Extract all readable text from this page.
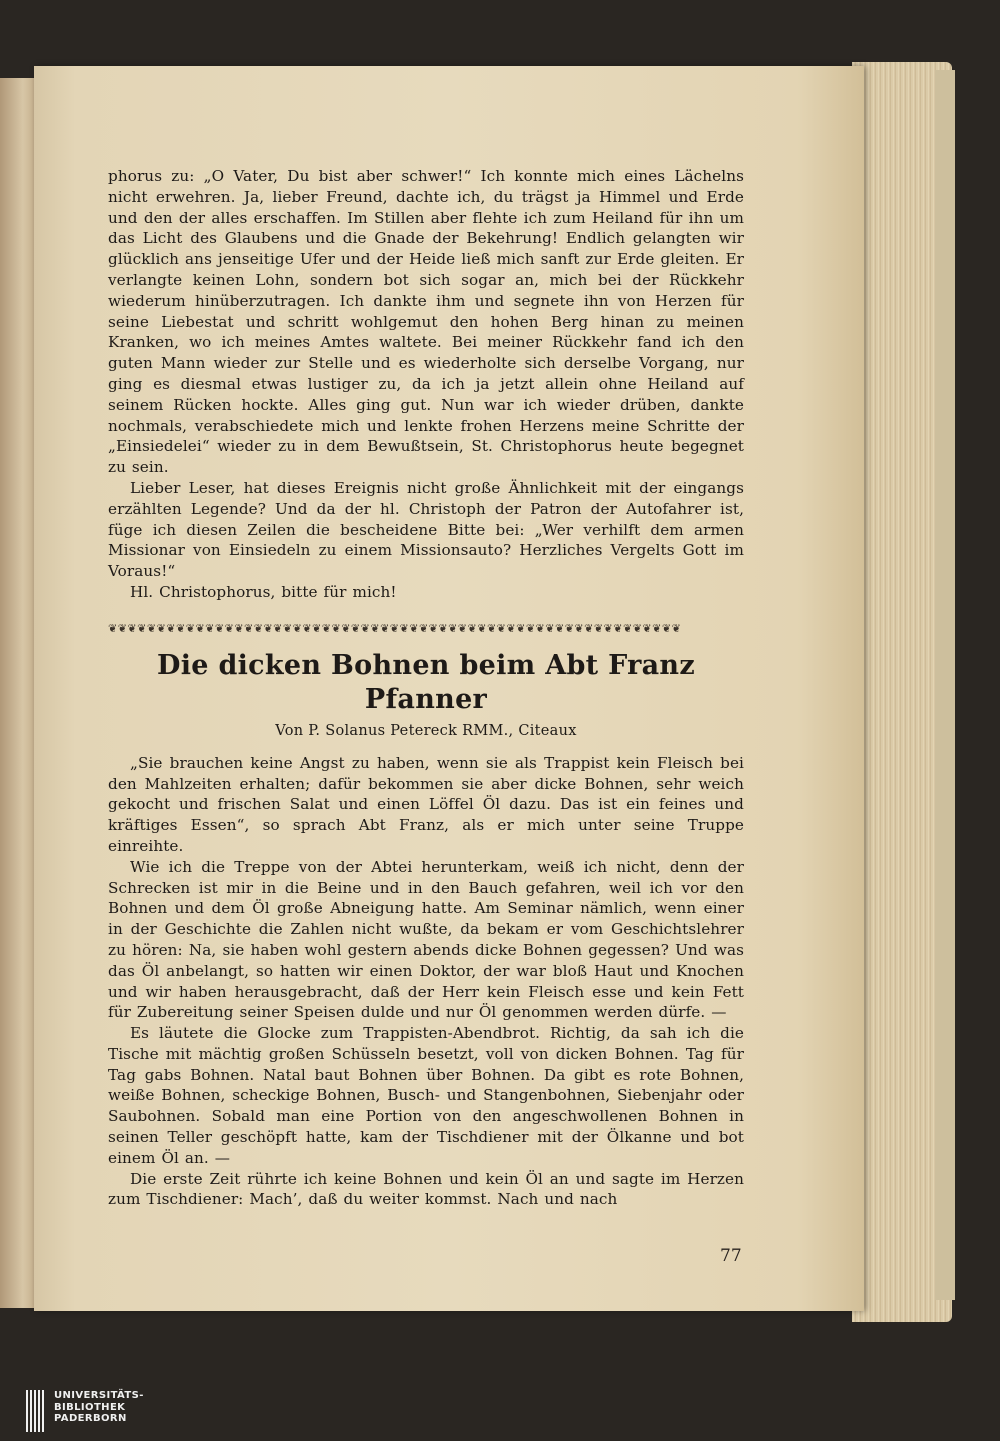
phorus zu: „O Vater, Du bist aber schwer!“ Ich konnte mich eines Lächelns nicht erwehren. Ja, lieber Freund, dachte ich, du trägst ja Himmel und Erde und den der alles erschaffen. Im Stillen aber flehte ich zum Heiland für ihn um das Licht des Glaubens und die Gnade der Bekehrung! Endlich gelangten wir glücklich ans jenseitige Ufer und der Heide ließ mich sanft zur Erde gleiten. Er verlangte keinen Lohn, sondern bot sich sogar an, mich bei der Rückkehr wiederum hinüberzutragen. Ich dankte ihm und segnete ihn von Herzen für seine Liebestat und schritt wohlgemut den hohen Berg hinan zu meinen Kranken, wo ich meines Amtes waltete. Bei meiner Rückkehr fand ich den guten Mann wieder zur Stelle und es wiederholte sich derselbe Vorgang, nur ging es diesmal etwas lustiger zu, da ich ja jetzt allein ohne Heiland auf seinem Rücken hockte. Alles ging gut. Nun war ich wieder drüben, dankte nochmals, verabschiedete mich und lenkte frohen Herzens meine Schritte der „Einsiedelei“ wieder zu in dem Bewußtsein, St. Christophorus heute begegnet zu sein.

Lieber Leser, hat dieses Ereignis nicht große Ähnlichkeit mit der eingangs erzählten Legende? Und da der hl. Christoph der Patron der Autofahrer ist, füge ich diesen Zeilen die bescheidene Bitte bei: „Wer verhilft dem armen Missionar von Einsiedeln zu einem Missionsauto? Herzliches Vergelts Gott im Voraus!“

Hl. Christophorus, bitte für mich!

❦❦❦❦❦❦❦❦❦❦❦❦❦❦❦❦❦❦❦❦❦❦❦❦❦❦❦❦❦❦❦❦❦❦❦❦❦❦❦❦❦❦❦❦❦❦❦❦❦❦❦❦❦❦❦❦❦❦❦
Die dicken Bohnen beim Abt Franz Pfanner
Von P. Solanus Petereck RMM., Citeaux

„Sie brauchen keine Angst zu haben, wenn sie als Trappist kein Fleisch bei den Mahlzeiten erhalten; dafür bekommen sie aber dicke Bohnen, sehr weich gekocht und frischen Salat und einen Löffel Öl dazu. Das ist ein feines und kräftiges Essen“, so sprach Abt Franz, als er mich unter seine Truppe einreihte.

Wie ich die Treppe von der Abtei herunterkam, weiß ich nicht, denn der Schrecken ist mir in die Beine und in den Bauch gefahren, weil ich vor den Bohnen und dem Öl große Abneigung hatte. Am Seminar nämlich, wenn einer in der Geschichte die Zahlen nicht wußte, da bekam er vom Geschichtslehrer zu hören: Na, sie haben wohl gestern abends dicke Bohnen gegessen? Und was das Öl anbelangt, so hatten wir einen Doktor, der war bloß Haut und Knochen und wir haben herausgebracht, daß der Herr kein Fleisch esse und kein Fett für Zubereitung seiner Speisen dulde und nur Öl genommen werden dürfe. —

Es läutete die Glocke zum Trappisten-Abendbrot. Richtig, da sah ich die Tische mit mächtig großen Schüsseln besetzt, voll von dicken Bohnen. Tag für Tag gabs Bohnen. Natal baut Bohnen über Bohnen. Da gibt es rote Bohnen, weiße Bohnen, scheckige Bohnen, Busch- und Stangenbohnen, Siebenjahr oder Saubohnen. Sobald man eine Portion von den angeschwollenen Bohnen in seinen Teller geschöpft hatte, kam der Tischdiener mit der Ölkanne und bot einem Öl an. —

Die erste Zeit rührte ich keine Bohnen und kein Öl an und sagte im Herzen zum Tischdiener: Mach’, daß du weiter kommst. Nach und nach

77
UNIVERSITÄTS-
BIBLIOTHEK
PADERBORN
